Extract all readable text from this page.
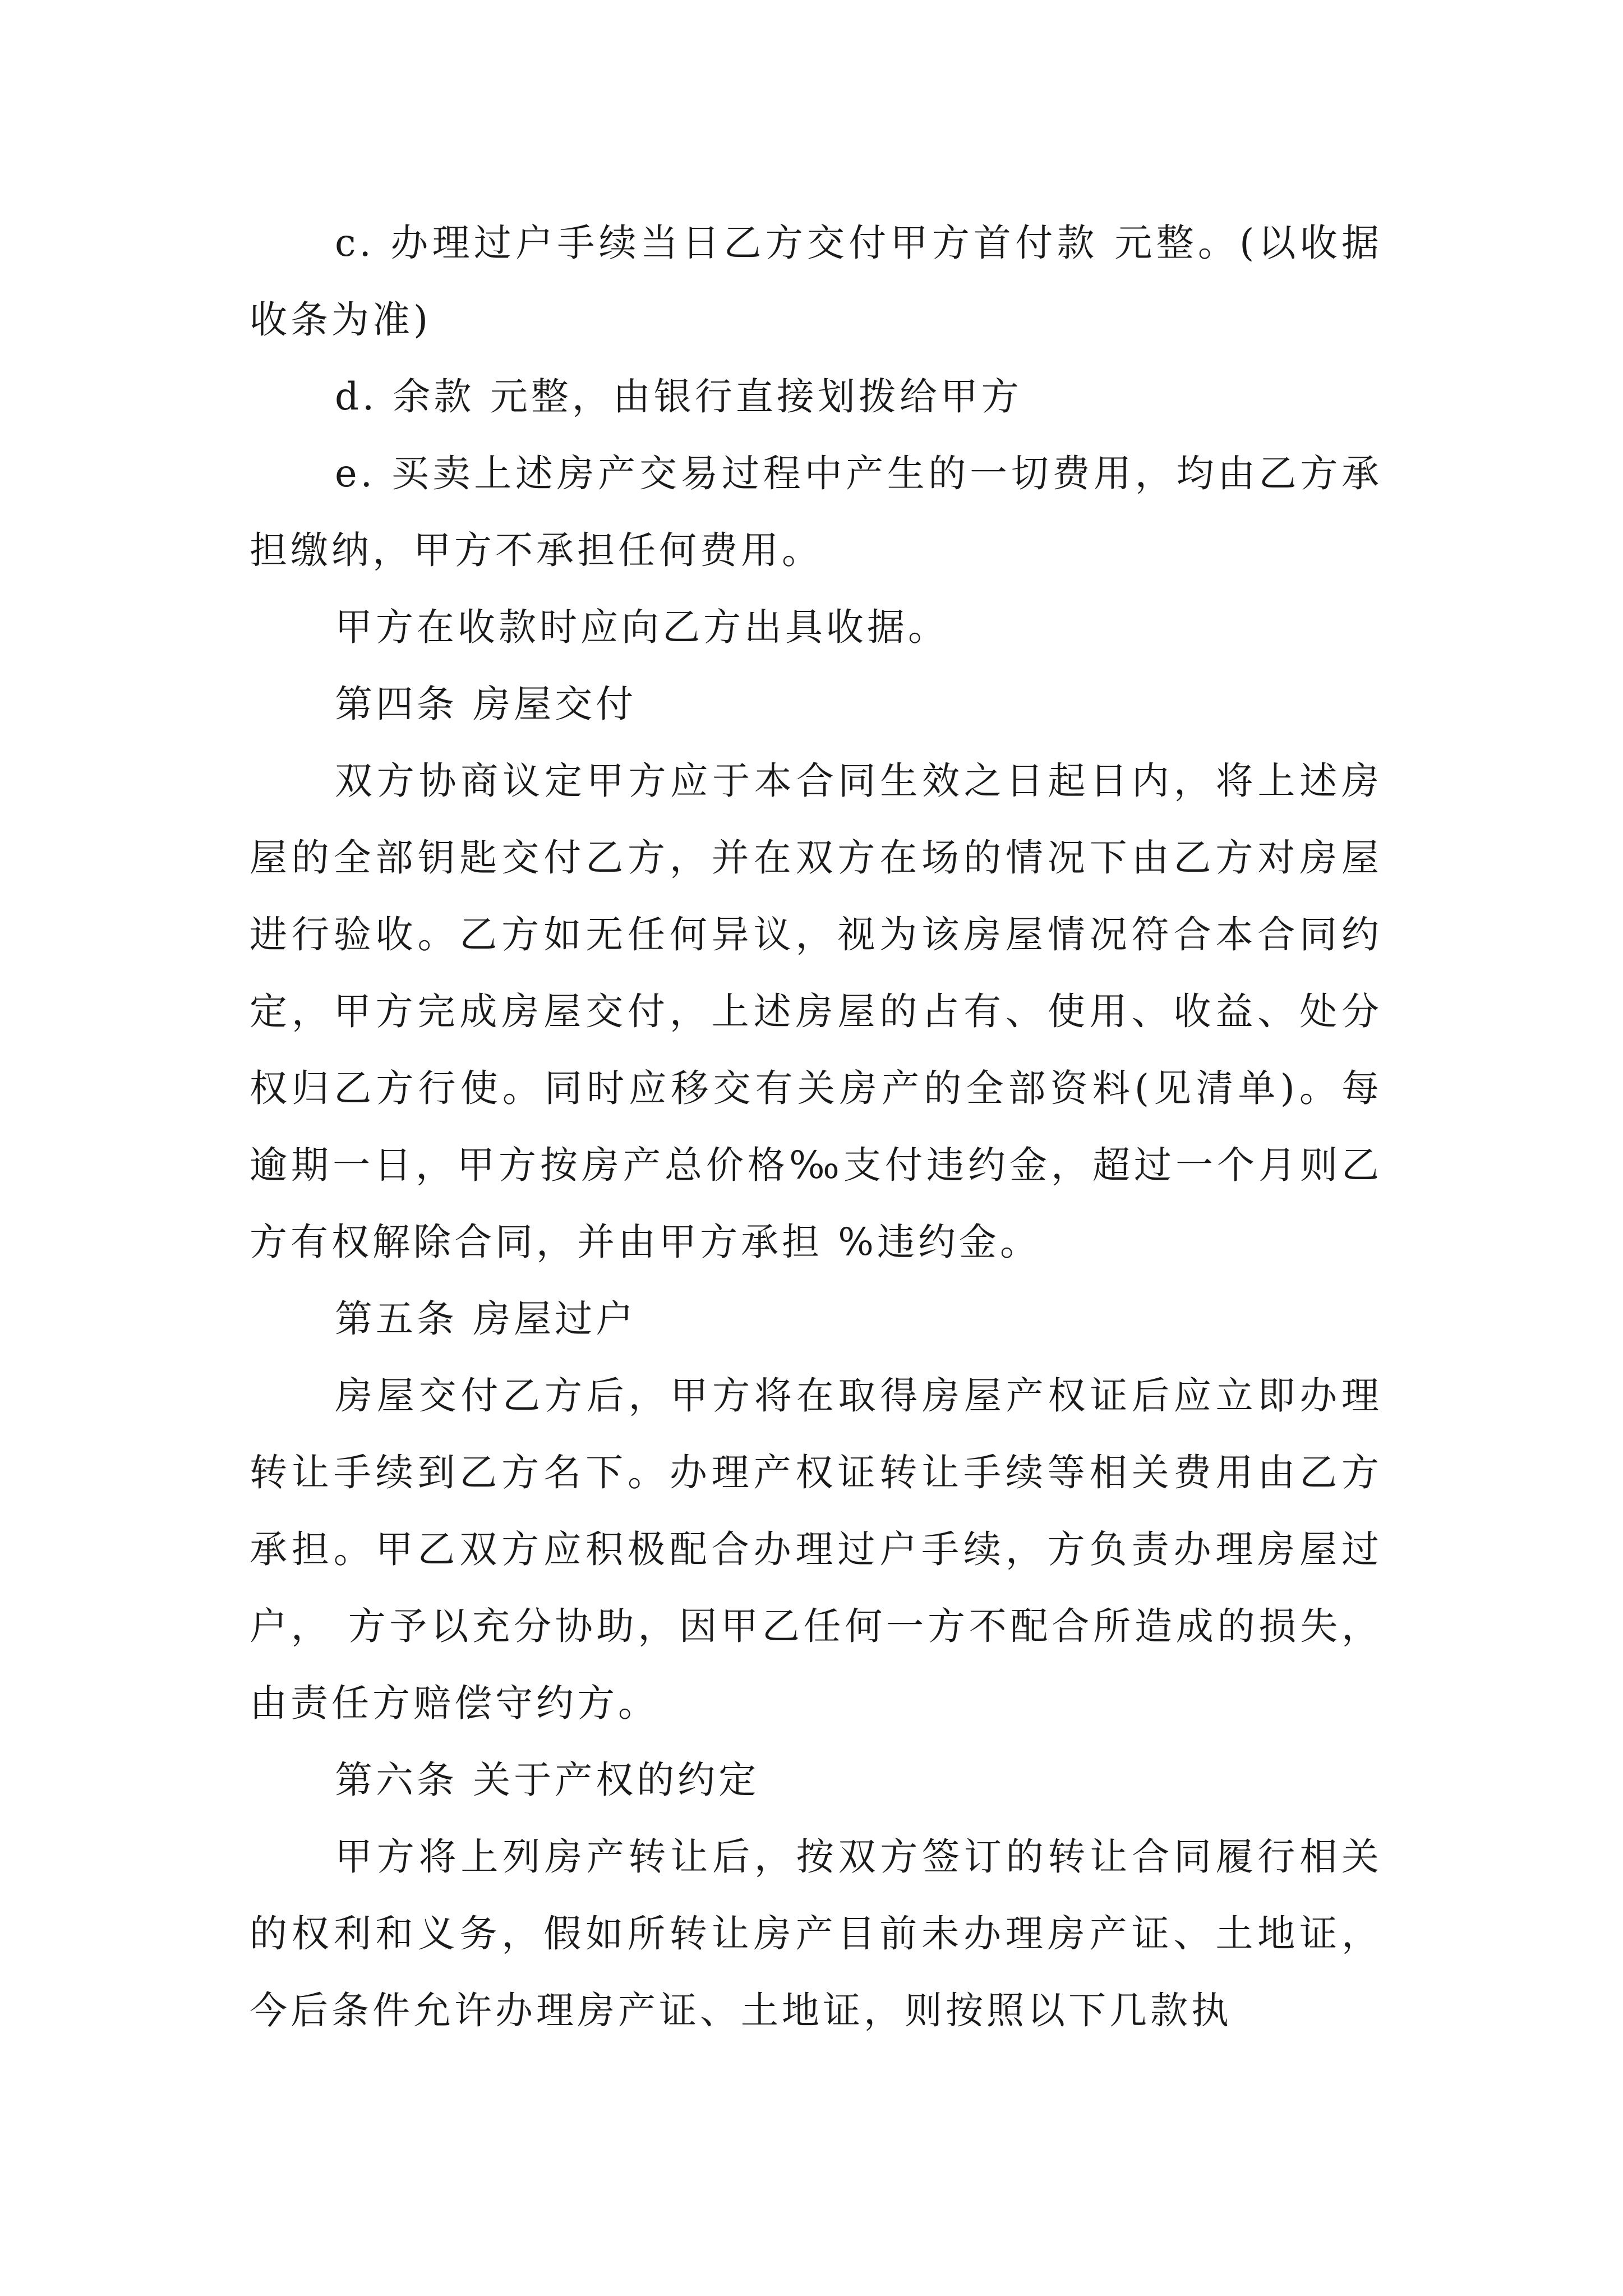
c. 办理过户手续当日乙方交付甲方首付款 元整。(以收据收条为准)

d. 余款 元整，由银行直接划拨给甲方

e. 买卖上述房产交易过程中产生的一切费用，均由乙方承担缴纳，甲方不承担任何费用。

甲方在收款时应向乙方出具收据。

第四条 房屋交付

双方协商议定甲方应于本合同生效之日起日内，将上述房屋的全部钥匙交付乙方，并在双方在场的情况下由乙方对房屋进行验收。乙方如无任何异议，视为该房屋情况符合本合同约定，甲方完成房屋交付，上述房屋的占有、使用、收益、处分权归乙方行使。同时应移交有关房产的全部资料(见清单)。每逾期一日，甲方按房产总价格‰支付违约金，超过一个月则乙方有权解除合同，并由甲方承担 %违约金。

第五条 房屋过户

房屋交付乙方后，甲方将在取得房屋产权证后应立即办理转让手续到乙方名下。办理产权证转让手续等相关费用由乙方承担。甲乙双方应积极配合办理过户手续，方负责办理房屋过户， 方予以充分协助，因甲乙任何一方不配合所造成的损失，由责任方赔偿守约方。

第六条 关于产权的约定

甲方将上列房产转让后，按双方签订的转让合同履行相关的权利和义务，假如所转让房产目前未办理房产证、土地证，今后条件允许办理房产证、土地证，则按照以下几款执
